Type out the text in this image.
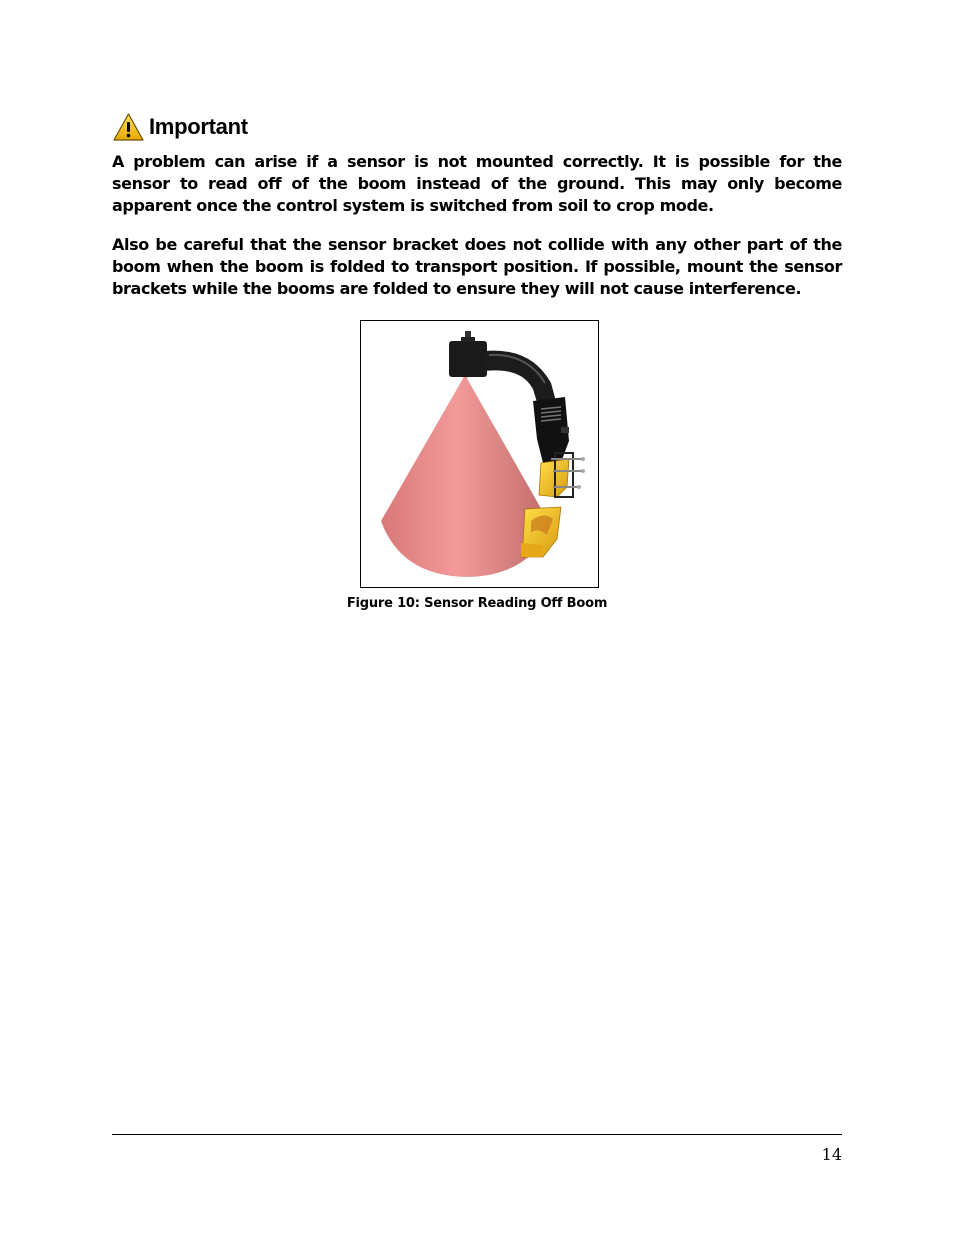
Important

A problem can arise if a sensor is not mounted correctly. It is possible for the sensor to read off of the boom instead of the ground. This may only become apparent once the control system is switched from soil to crop mode.

Also be careful that the sensor bracket does not collide with any other part of the boom when the boom is folded to transport position. If possible, mount the sensor brackets while the booms are folded to ensure they will not cause interference.

Figure 10: Sensor Reading Off Boom
14
